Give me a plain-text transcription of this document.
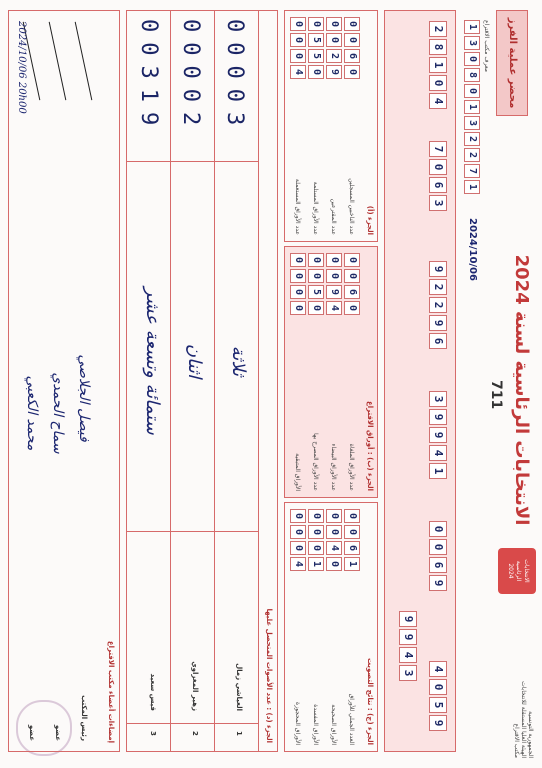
الجمهورية التونسية
الهيئة العليا المستقلة للانتخابات
مكتب الاقتراع
الانتخابات الرئاسية لسنة 2024
711
الانتخابات
الرئاسية
2024
محضر عملية الفرز
معرف مكتب الاقتراع
1
3
0
8
0
1
3
2
2
7
1
2024/10/06
2
8
1
0
4
7
0
6
3
9
2
2
9
6
3
9
9
4
1
0
0
6
9
9
9
4
3
4
0
5
9
الجزء (أ)
0
0
6
0
عدد الناخبين المسجلين
0
0
2
9
عدد المقترعين
0
5
5
0
عدد الأوراق المستلمة
0
0
0
4
عدد الأوراق المستعملة
الجزء (ب) : أوراق الاقتراع
0
0
6
0
عدد الأوراق الملغاة
0
0
9
4
عدد الأوراق البيضاء
0
0
5
0
عدد الأوراق المصرح بها
0
0
0
0
الأوراق المتبقية
الجزء (ج) : نتائج التصويت
0
0
6
1
العدد الجملي للأوراق
0
0
4
0
الأوراق الصحيحة
0
0
0
1
الأوراق المفسدة
0
0
0
4
الأوراق المحجوزة
الجزء (د) : عدد الأصوات المتحصل عليها
00003
ثلاثة
العياشي زمال
1
00002
اثنان
زهير المغزاوي
2
00319
ستمائة وتسعة عشر
قيس سعيد
3
إمضاءات أعضاء مكتب الاقتراع
فيصل الجلاصي
رئيس المكتب
سماح الحمدي
عضو
محمد الكعبي
عضو
2024/10/06 20h00
